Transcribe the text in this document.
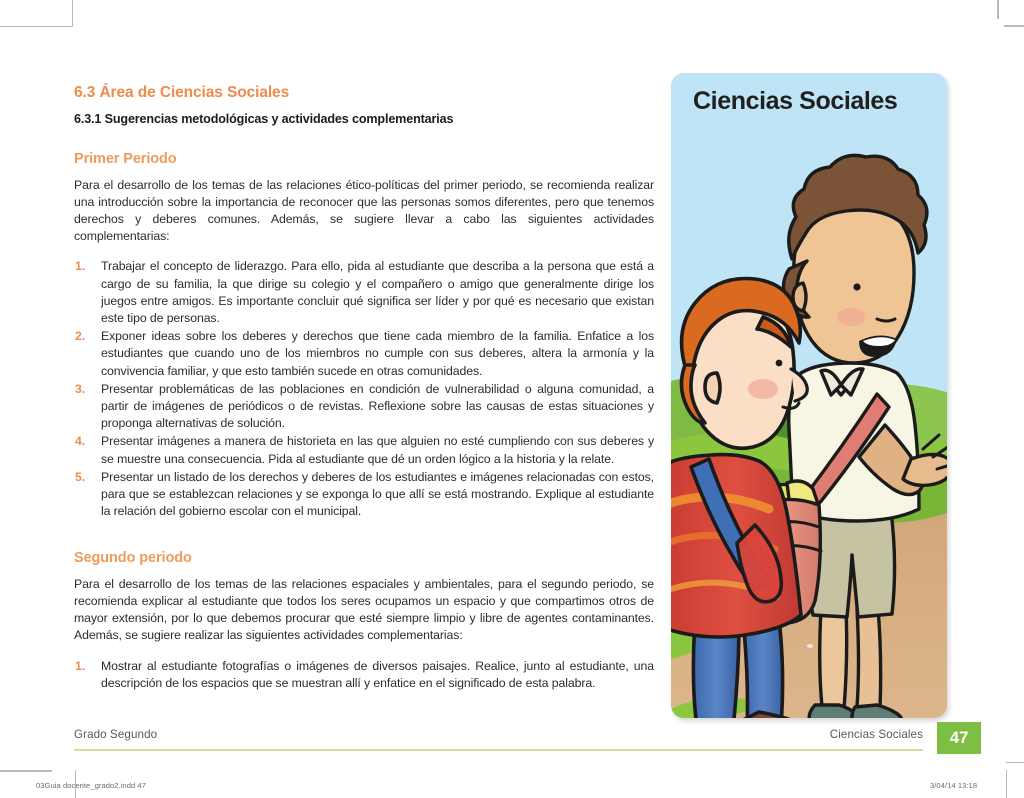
6.3 Área de Ciencias Sociales
6.3.1 Sugerencias metodológicas y actividades complementarias
Primer Periodo

Para el desarrollo de los temas de las relaciones ético-políticas del primer periodo, se recomienda realizar una introducción sobre la importancia de reconocer que las personas somos diferentes, pero que tenemos derechos y deberes comunes. Además, se sugiere llevar a cabo las siguientes actividades complementarias:

Trabajar el concepto de liderazgo. Para ello, pida al estudiante que describa a la persona que está a cargo de su familia, la que dirige su colegio y el compañero o amigo que generalmente dirige los juegos entre amigos. Es importante concluir qué significa ser líder y por qué es necesario que existan este tipo de personas.
Exponer ideas sobre los deberes y derechos que tiene cada miembro de la familia. Enfatice a los estudiantes que cuando uno de los miembros no cumple con sus deberes, altera la armonía y la convivencia familiar, y que esto también sucede en otras comunidades.
Presentar problemáticas de las poblaciones en condición de vulnerabilidad o alguna comunidad, a partir de imágenes de periódicos o de revistas. Reflexione sobre las causas de estas situaciones y proponga alternativas de solución.
Presentar imágenes a manera de historieta en las que alguien no esté cumpliendo con sus deberes y se muestre una consecuencia. Pida al estudiante que dé un orden lógico a la historia y la relate.
Presentar un listado de los derechos y deberes de los estudiantes e imágenes relacionadas con estos, para que se establezcan relaciones y se exponga lo que allí se está mostrando. Explique al estudiante la relación del gobierno escolar con el municipal.
Segundo periodo

Para el desarrollo de los temas de las relaciones espaciales y ambientales, para el segundo periodo, se recomienda explicar al estudiante que todos los seres ocupamos un espacio y que compartimos otros de mayor extensión, por lo que debemos procurar que esté siempre limpio y libre de agentes contaminantes. Además, se sugiere realizar las siguientes actividades complementarias:

Mostrar al estudiante fotografías o imágenes de diversos paisajes. Realice, junto al estudiante, una descripción de los espacios que se muestran allí y enfatice en el significado de esta palabra.
Ciencias Sociales
Grado Segundo	Ciencias Sociales	47
03Guia docente_grado2.indd 47	3/04/14 13:18
